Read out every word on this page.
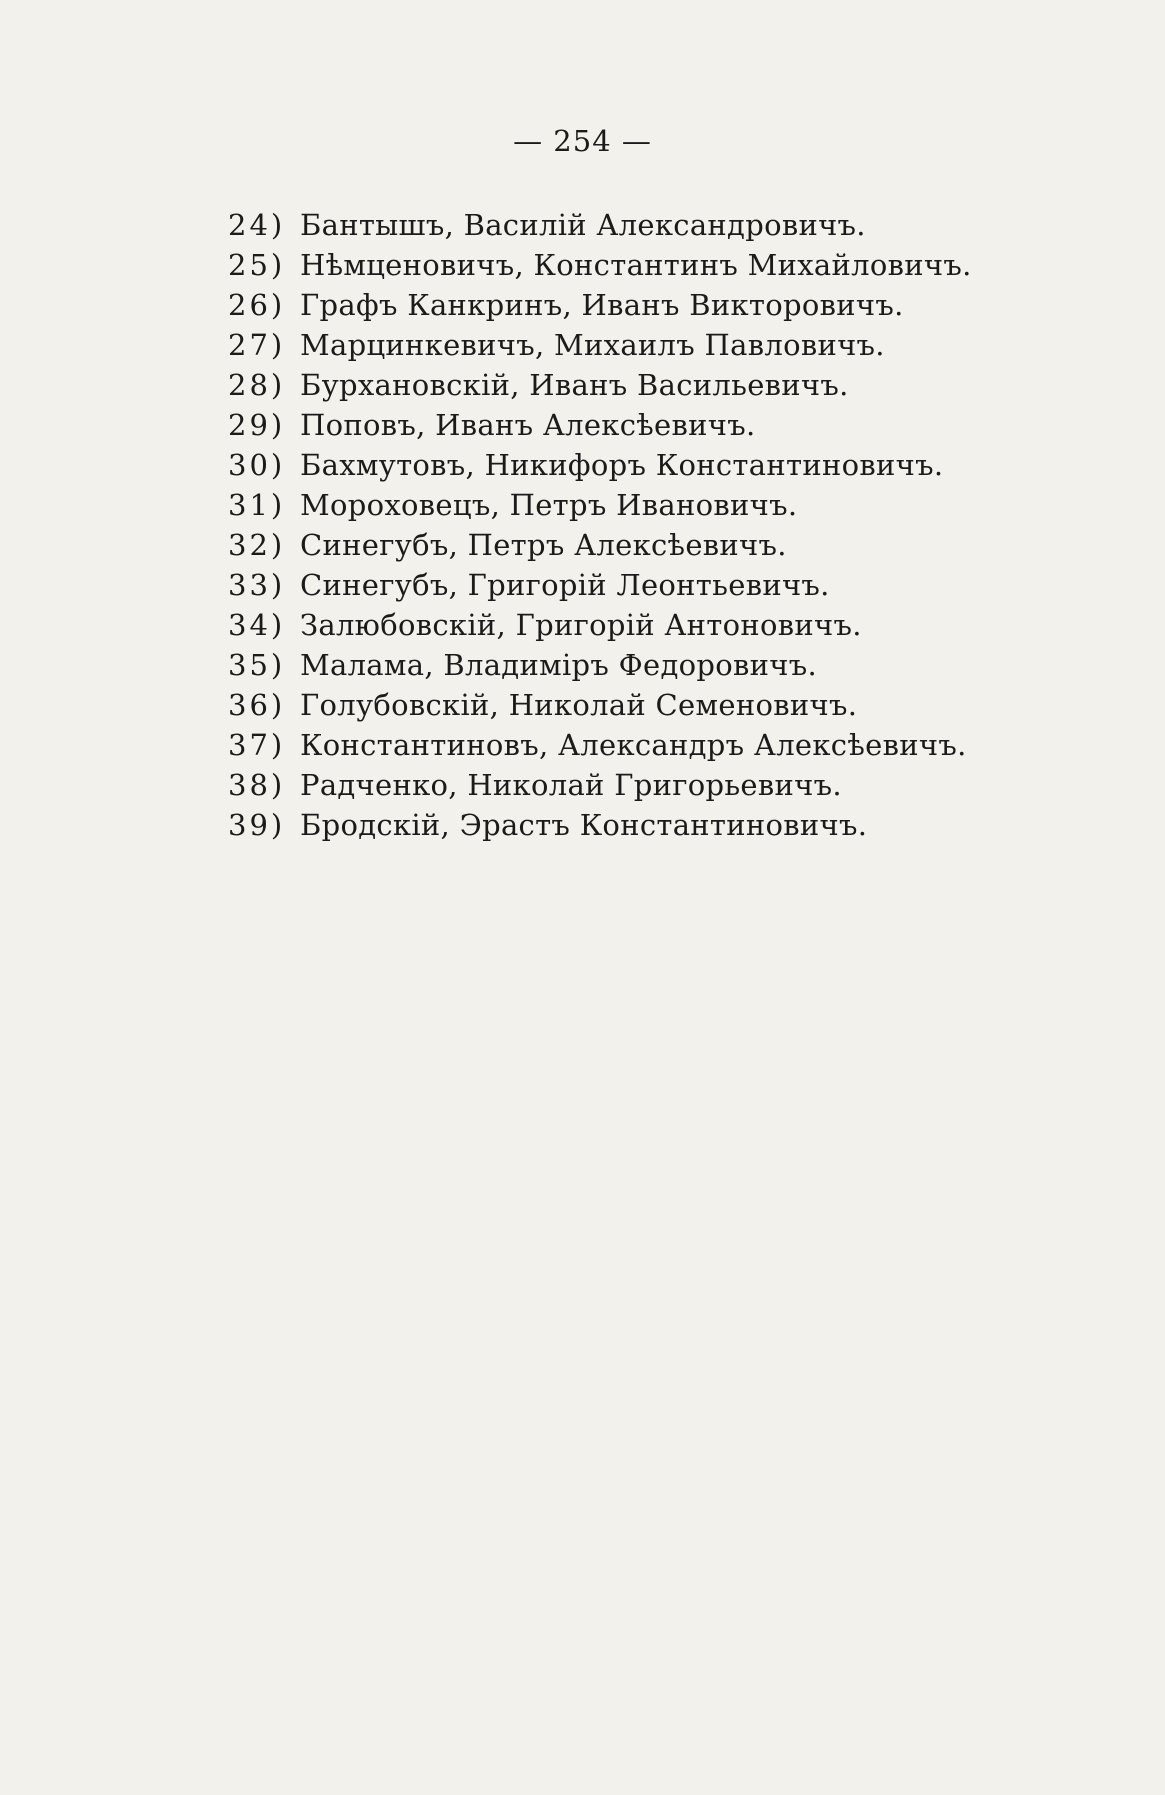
— 254 —
24) Бантышъ, Василій Александровичъ.
25) Нѣмценовичъ, Константинъ Михайловичъ.
26) Графъ Канкринъ, Иванъ Викторовичъ.
27) Марцинкевичъ, Михаилъ Павловичъ.
28) Бурхановскій, Иванъ Васильевичъ.
29) Поповъ, Иванъ Алексѣевичъ.
30) Бахмутовъ, Никифоръ Константиновичъ.
31) Мороховецъ, Петръ Ивановичъ.
32) Синегубъ, Петръ Алексѣевичъ.
33) Синегубъ, Григорій Леонтьевичъ.
34) Залюбовскій, Григорій Антоновичъ.
35) Малама, Владиміръ Федоровичъ.
36) Голубовскій, Николай Семеновичъ.
37) Константиновъ, Александръ Алексѣевичъ.
38) Радченко, Николай Григорьевичъ.
39) Бродскій, Эрастъ Константиновичъ.
